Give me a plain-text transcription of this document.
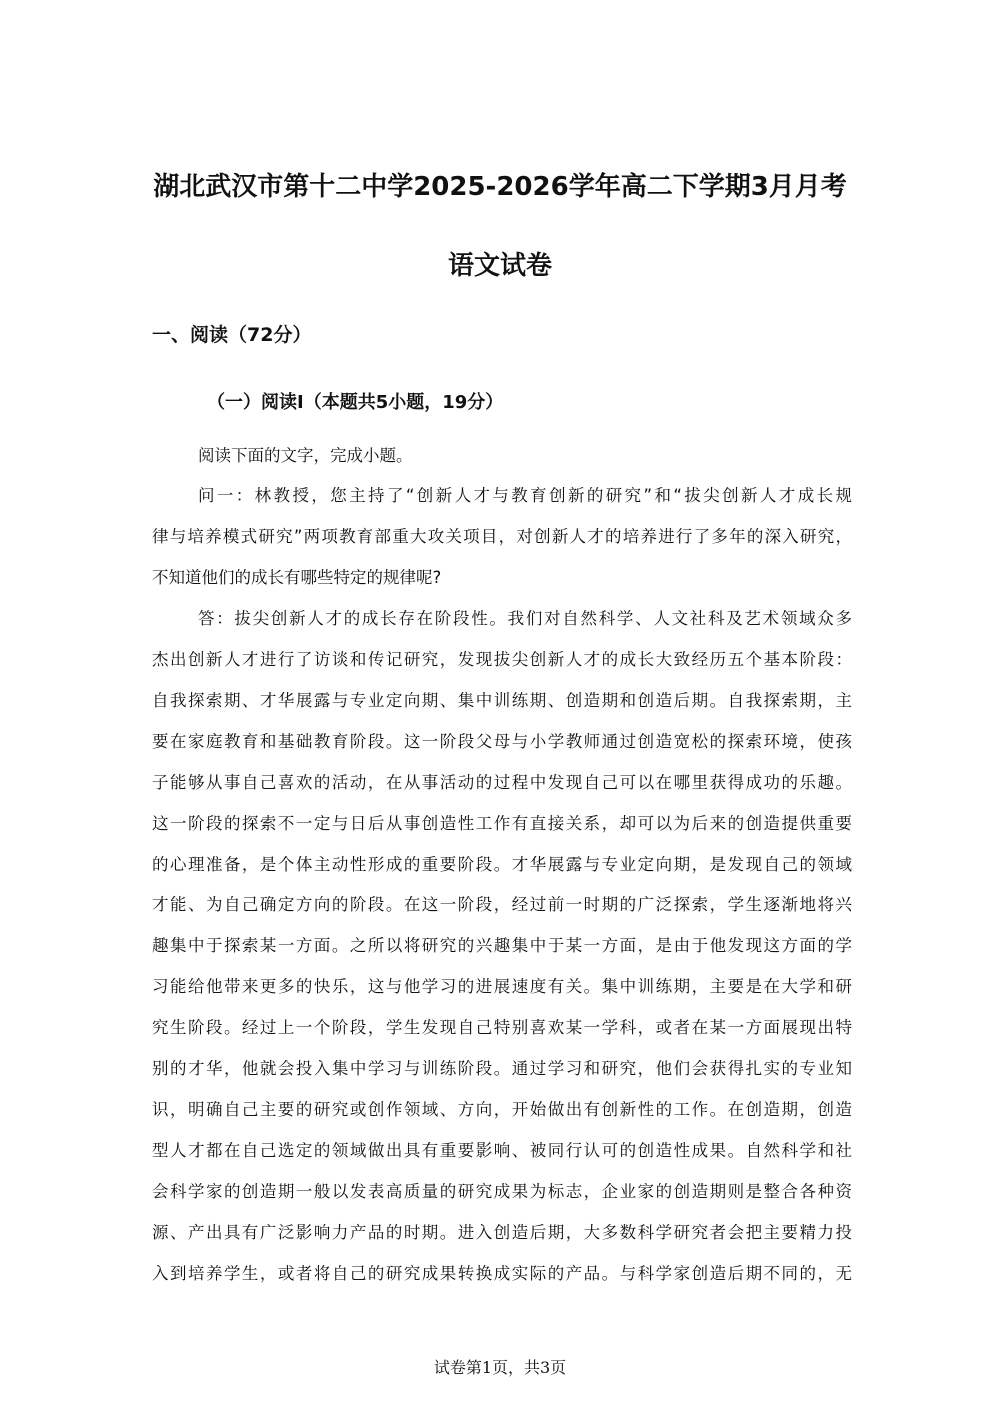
湖北武汉市第十二中学2025-2026学年高二下学期3月月考
语文试卷
一、阅读（72分）
（一）阅读I（本题共5小题，19分）
阅读下面的文字，完成小题。
问一：林教授，您主持了“创新人才与教育创新的研究”和“拔尖创新人才成长规
律与培养模式研究”两项教育部重大攻关项目，对创新人才的培养进行了多年的深入研究，
不知道他们的成长有哪些特定的规律呢?
答：拔尖创新人才的成长存在阶段性。我们对自然科学、人文社科及艺术领域众多
杰出创新人才进行了访谈和传记研究，发现拔尖创新人才的成长大致经历五个基本阶段：
自我探索期、才华展露与专业定向期、集中训练期、创造期和创造后期。自我探索期，主
要在家庭教育和基础教育阶段。这一阶段父母与小学教师通过创造宽松的探索环境，使孩
子能够从事自己喜欢的活动，在从事活动的过程中发现自己可以在哪里获得成功的乐趣。
这一阶段的探索不一定与日后从事创造性工作有直接关系，却可以为后来的创造提供重要
的心理准备，是个体主动性形成的重要阶段。才华展露与专业定向期，是发现自己的领域
才能、为自己确定方向的阶段。在这一阶段，经过前一时期的广泛探索，学生逐渐地将兴
趣集中于探索某一方面。之所以将研究的兴趣集中于某一方面，是由于他发现这方面的学
习能给他带来更多的快乐，这与他学习的进展速度有关。集中训练期，主要是在大学和研
究生阶段。经过上一个阶段，学生发现自己特别喜欢某一学科，或者在某一方面展现出特
别的才华，他就会投入集中学习与训练阶段。通过学习和研究，他们会获得扎实的专业知
识，明确自己主要的研究或创作领域、方向，开始做出有创新性的工作。在创造期，创造
型人才都在自己选定的领域做出具有重要影响、被同行认可的创造性成果。自然科学和社
会科学家的创造期一般以发表高质量的研究成果为标志，企业家的创造期则是整合各种资
源、产出具有广泛影响力产品的时期。进入创造后期，大多数科学研究者会把主要精力投
入到培养学生，或者将自己的研究成果转换成实际的产品。与科学家创造后期不同的，无
试卷第1页，共3页
